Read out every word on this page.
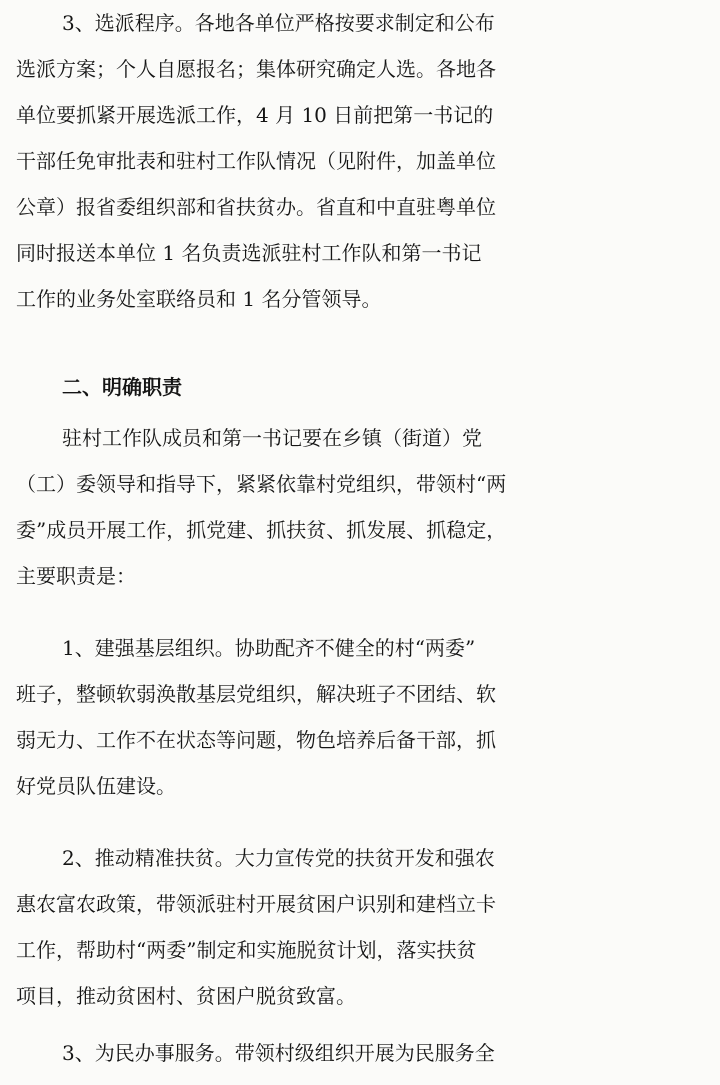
3、选派程序。各地各单位严格按要求制定和公布
选派方案；个人自愿报名；集体研究确定人选。各地各
单位要抓紧开展选派工作，4 月 10 日前把第一书记的
干部任免审批表和驻村工作队情况（见附件，加盖单位
公章）报省委组织部和省扶贫办。省直和中直驻粤单位
同时报送本单位 1 名负责选派驻村工作队和第一书记
工作的业务处室联络员和 1 名分管领导。
二、明确职责
驻村工作队成员和第一书记要在乡镇（街道）党
（工）委领导和指导下，紧紧依靠村党组织，带领村“两
委”成员开展工作，抓党建、抓扶贫、抓发展、抓稳定，
主要职责是：
1、建强基层组织。协助配齐不健全的村“两委”
班子，整顿软弱涣散基层党组织，解决班子不团结、软
弱无力、工作不在状态等问题，物色培养后备干部，抓
好党员队伍建设。
2、推动精准扶贫。大力宣传党的扶贫开发和强农
惠农富农政策，带领派驻村开展贫困户识别和建档立卡
工作，帮助村“两委”制定和实施脱贫计划，落实扶贫
项目，推动贫困村、贫困户脱贫致富。
3、为民办事服务。带领村级组织开展为民服务全
